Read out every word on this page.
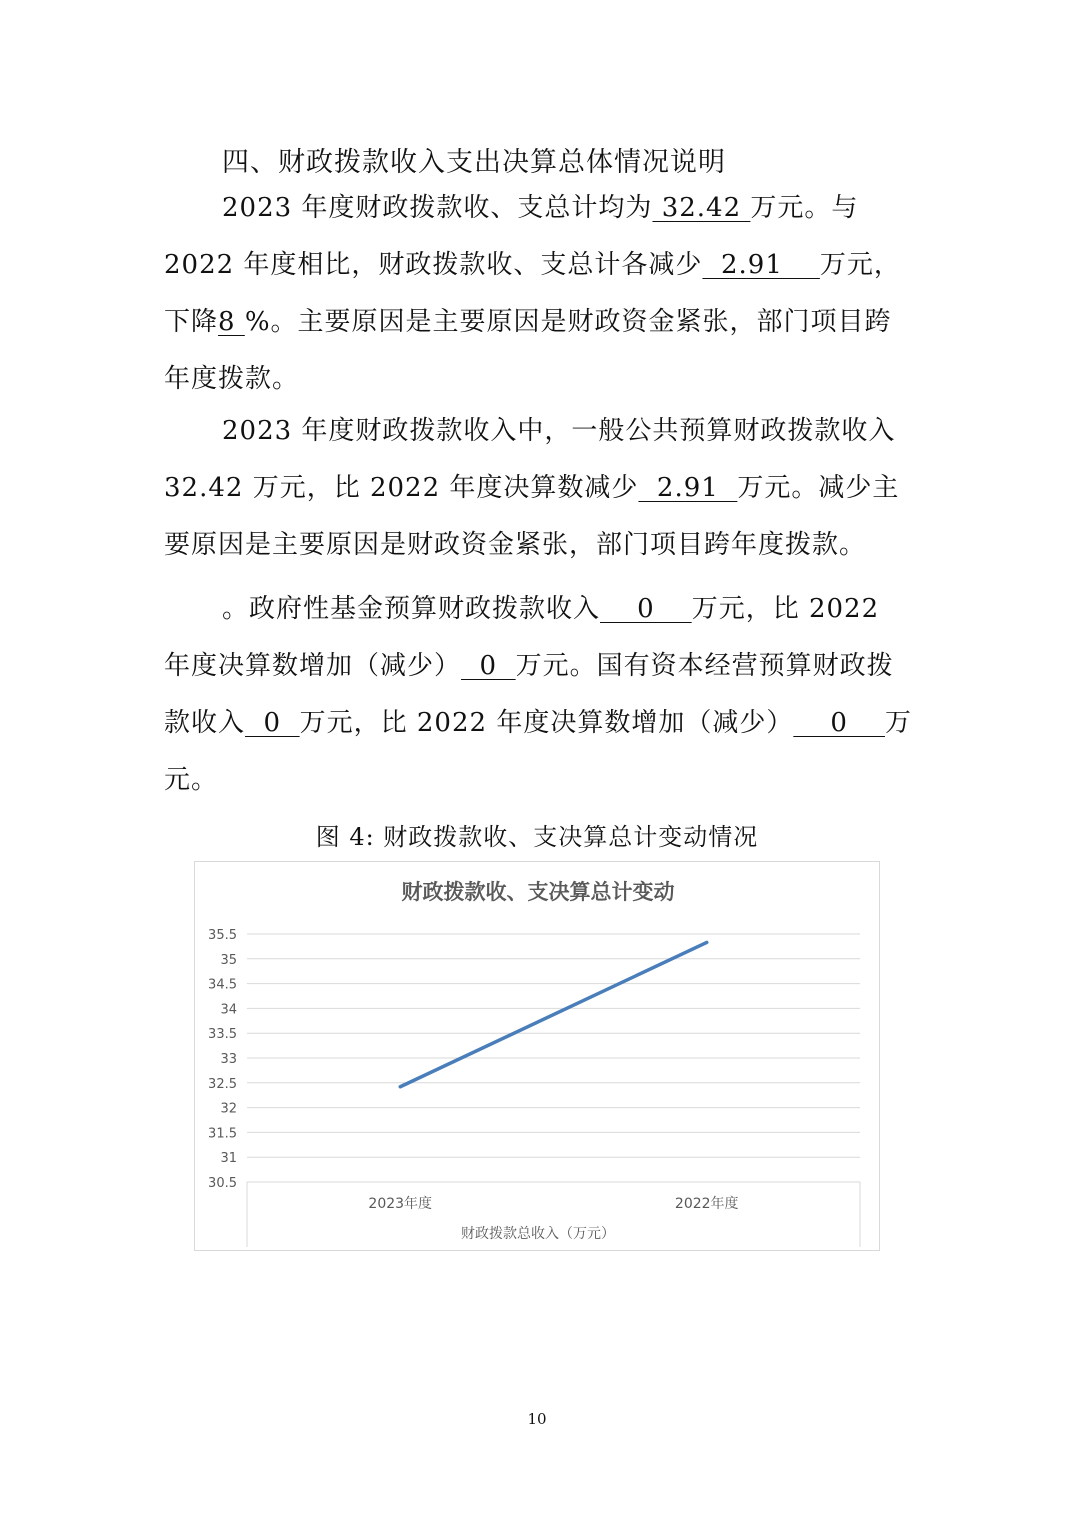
四、财政拨款收入支出决算总体情况说明
2023 年度财政拨款收、支总计均为 32.42 万元。与 2022 年度相比，财政拨款收、支总计各减少  2.91    万元，下降8 %。主要原因是主要原因是财政资金紧张，部门项目跨年度拨款。
2023 年度财政拨款收入中，一般公共预算财政拨款收入 32.42 万元，比 2022 年度决算数减少  2.91  万元。减少主要原因是主要原因是财政资金紧张，部门项目跨年度拨款。
。政府性基金预算财政拨款收入    0    万元，比 2022 年度决算数增加（减少）  0  万元。国有资本经营预算财政拨款收入  0  万元，比 2022 年度决算数增加（减少）    0    万元。
图 4: 财政拨款收、支决算总计变动情况
财政拨款收、支决算总计变动
35.5
35
34.5
34
33.5
33
32.5
32
31.5
31
30.5
2023年度	2022年度
财政拨款总收入（万元）
10
